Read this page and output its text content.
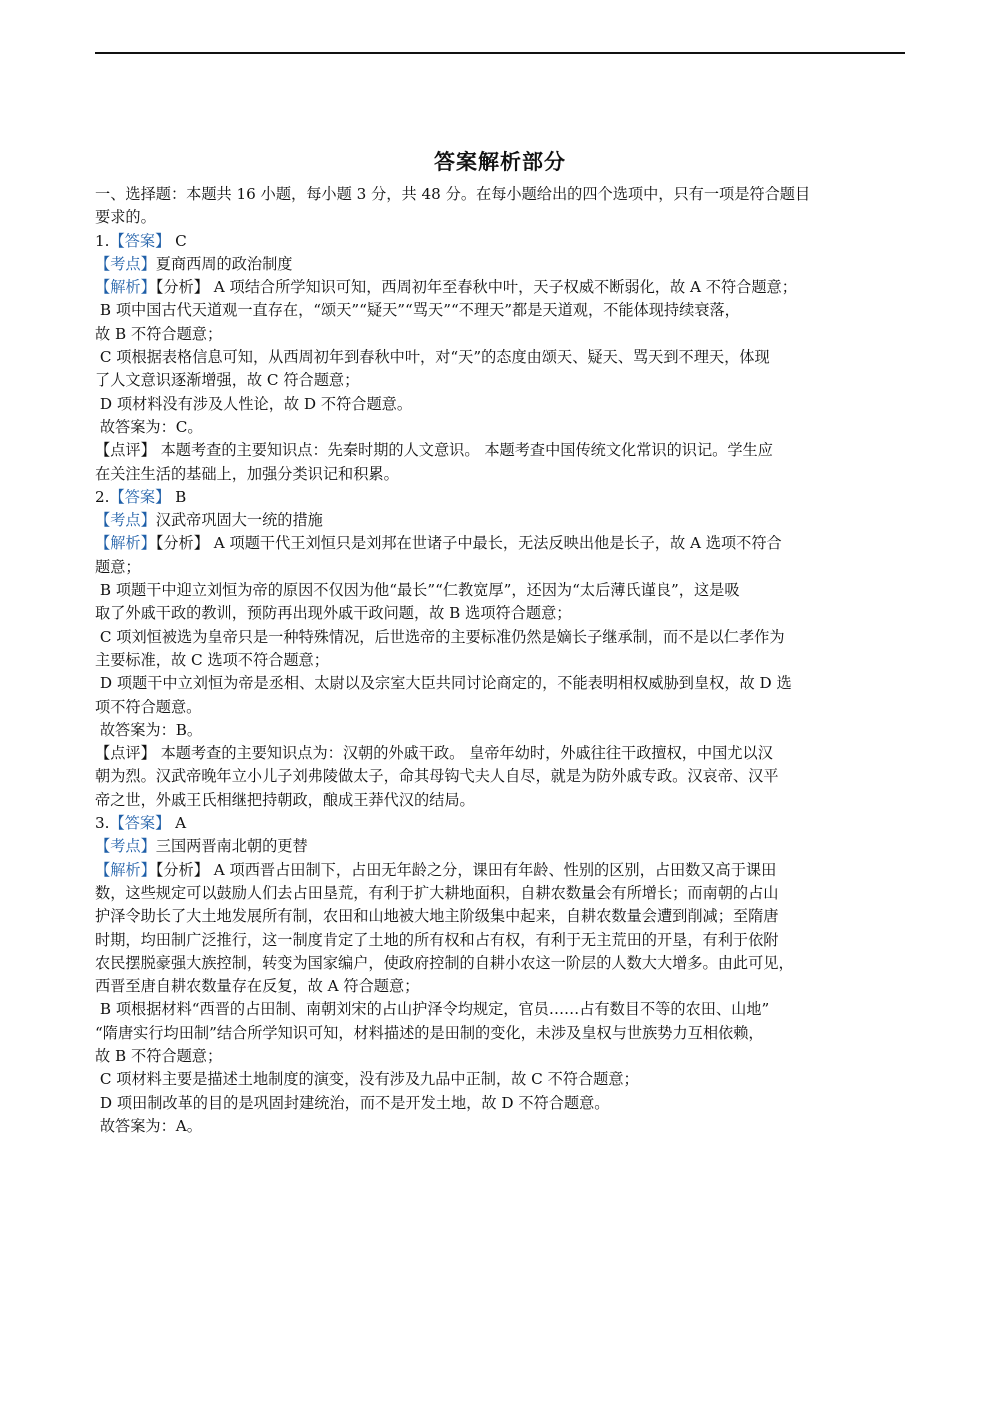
答案解析部分
一、选择题：本题共 16 小题，每小题 3 分，共 48 分。在每小题给出的四个选项中，只有一项是符合题目
要求的。
1.【答案】 C
【考点】夏商西周的政治制度
【解析】【分析】 A 项结合所学知识可知，西周初年至春秋中叶，天子权威不断弱化，故 A 不符合题意；
B 项中国古代天道观一直存在，“颂天”“疑天”“骂天”“不理天”都是天道观，不能体现持续衰落，
故 B 不符合题意；
C 项根据表格信息可知，从西周初年到春秋中叶，对“天”的态度由颂天、疑天、骂天到不理天，体现
了人文意识逐渐增强，故 C 符合题意；
D 项材料没有涉及人性论，故 D 不符合题意。
故答案为：C。
【点评】 本题考查的主要知识点：先秦时期的人文意识。 本题考查中国传统文化常识的识记。学生应
在关注生活的基础上，加强分类识记和积累。
2.【答案】 B
【考点】汉武帝巩固大一统的措施
【解析】【分析】 A 项题干代王刘恒只是刘邦在世诸子中最长，无法反映出他是长子，故 A 选项不符合
题意；
B 项题干中迎立刘恒为帝的原因不仅因为他“最长”“仁教宽厚”，还因为“太后薄氏谨良”，这是吸
取了外戚干政的教训，预防再出现外戚干政问题，故 B 选项符合题意；
C 项刘恒被选为皇帝只是一种特殊情况，后世选帝的主要标准仍然是嫡长子继承制，而不是以仁孝作为
主要标准，故 C 选项不符合题意；
D 项题干中立刘恒为帝是丞相、太尉以及宗室大臣共同讨论商定的，不能表明相权威胁到皇权，故 D 选
项不符合题意。
故答案为：B。
【点评】 本题考查的主要知识点为：汉朝的外戚干政。 皇帝年幼时，外戚往往干政擅权，中国尤以汉
朝为烈。汉武帝晚年立小儿子刘弗陵做太子，命其母钩弋夫人自尽，就是为防外戚专政。汉哀帝、汉平
帝之世，外戚王氏相继把持朝政，酿成王莽代汉的结局。
3.【答案】 A
【考点】三国两晋南北朝的更替
【解析】【分析】 A 项西晋占田制下，占田无年龄之分，课田有年龄、性别的区别，占田数又高于课田
数，这些规定可以鼓励人们去占田垦荒，有利于扩大耕地面积，自耕农数量会有所增长；而南朝的占山
护泽令助长了大土地发展所有制，农田和山地被大地主阶级集中起来，自耕农数量会遭到削减；至隋唐
时期，均田制广泛推行，这一制度肯定了土地的所有权和占有权，有利于无主荒田的开垦，有利于依附
农民摆脱豪强大族控制，转变为国家编户，使政府控制的自耕小农这一阶层的人数大大增多。由此可见，
西晋至唐自耕农数量存在反复，故 A 符合题意；
B 项根据材料“西晋的占田制、南朝刘宋的占山护泽令均规定，官员……占有数目不等的农田、山地”
“隋唐实行均田制”结合所学知识可知，材料描述的是田制的变化，未涉及皇权与世族势力互相依赖，
故 B 不符合题意；
C 项材料主要是描述土地制度的演变，没有涉及九品中正制，故 C 不符合题意；
D 项田制改革的目的是巩固封建统治，而不是开发土地，故 D 不符合题意。
故答案为：A。
